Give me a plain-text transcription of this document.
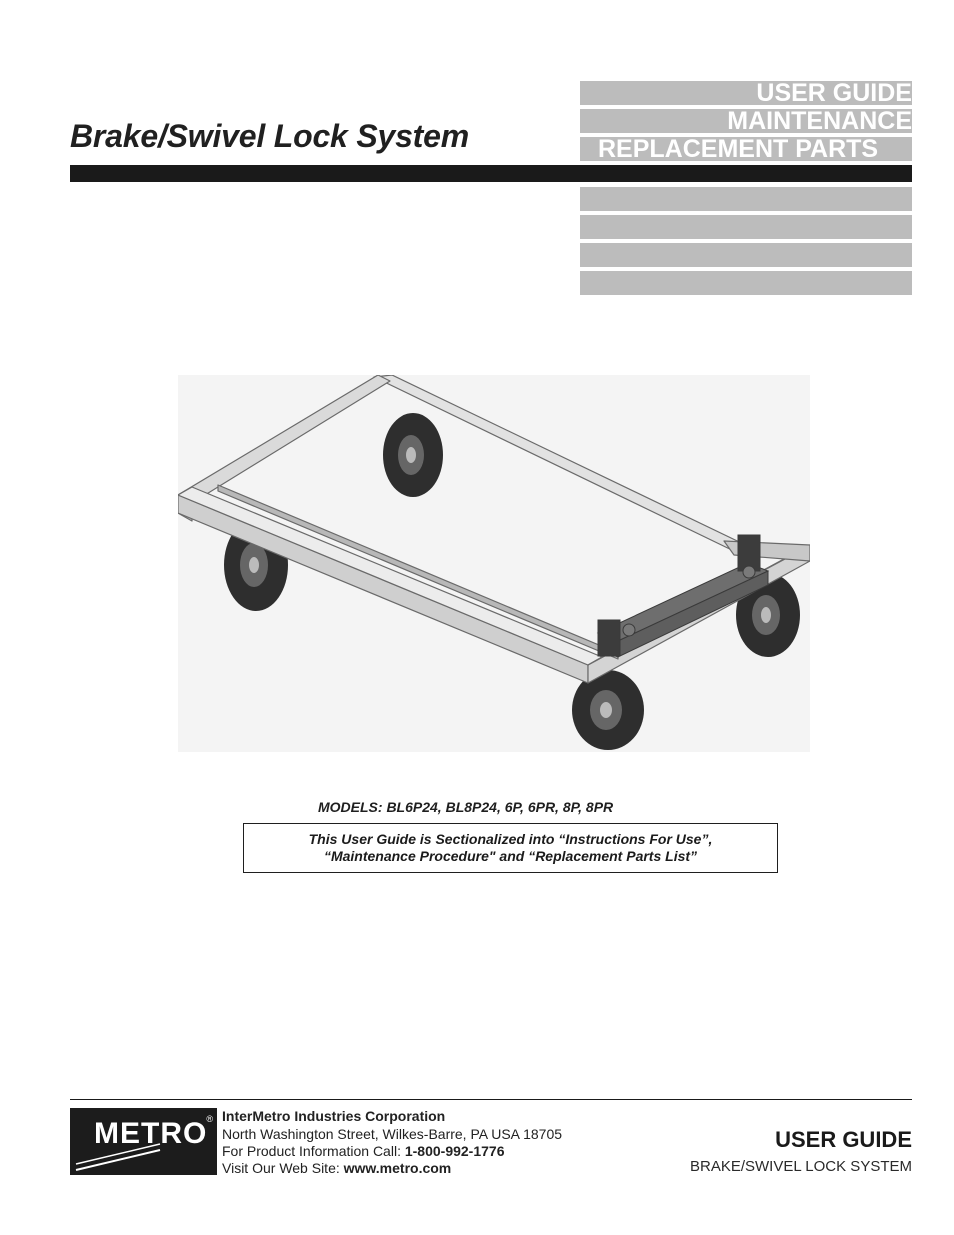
Brake/Swivel Lock System
USER GUIDE
MAINTENANCE
REPLACEMENT PARTS
MODELS: BL6P24, BL8P24, 6P, 6PR, 8P, 8PR
This User Guide is Sectionalized into “Instructions For Use”,
“Maintenance Procedure" and “Replacement Parts List”
METRO ® InterMetro Industries Corporation
North Washington Street, Wilkes-Barre, PA USA 18705
For Product Information Call: 1-800-992-1776
Visit Our Web Site: www.metro.com
USER GUIDE
BRAKE/SWIVEL LOCK SYSTEM
